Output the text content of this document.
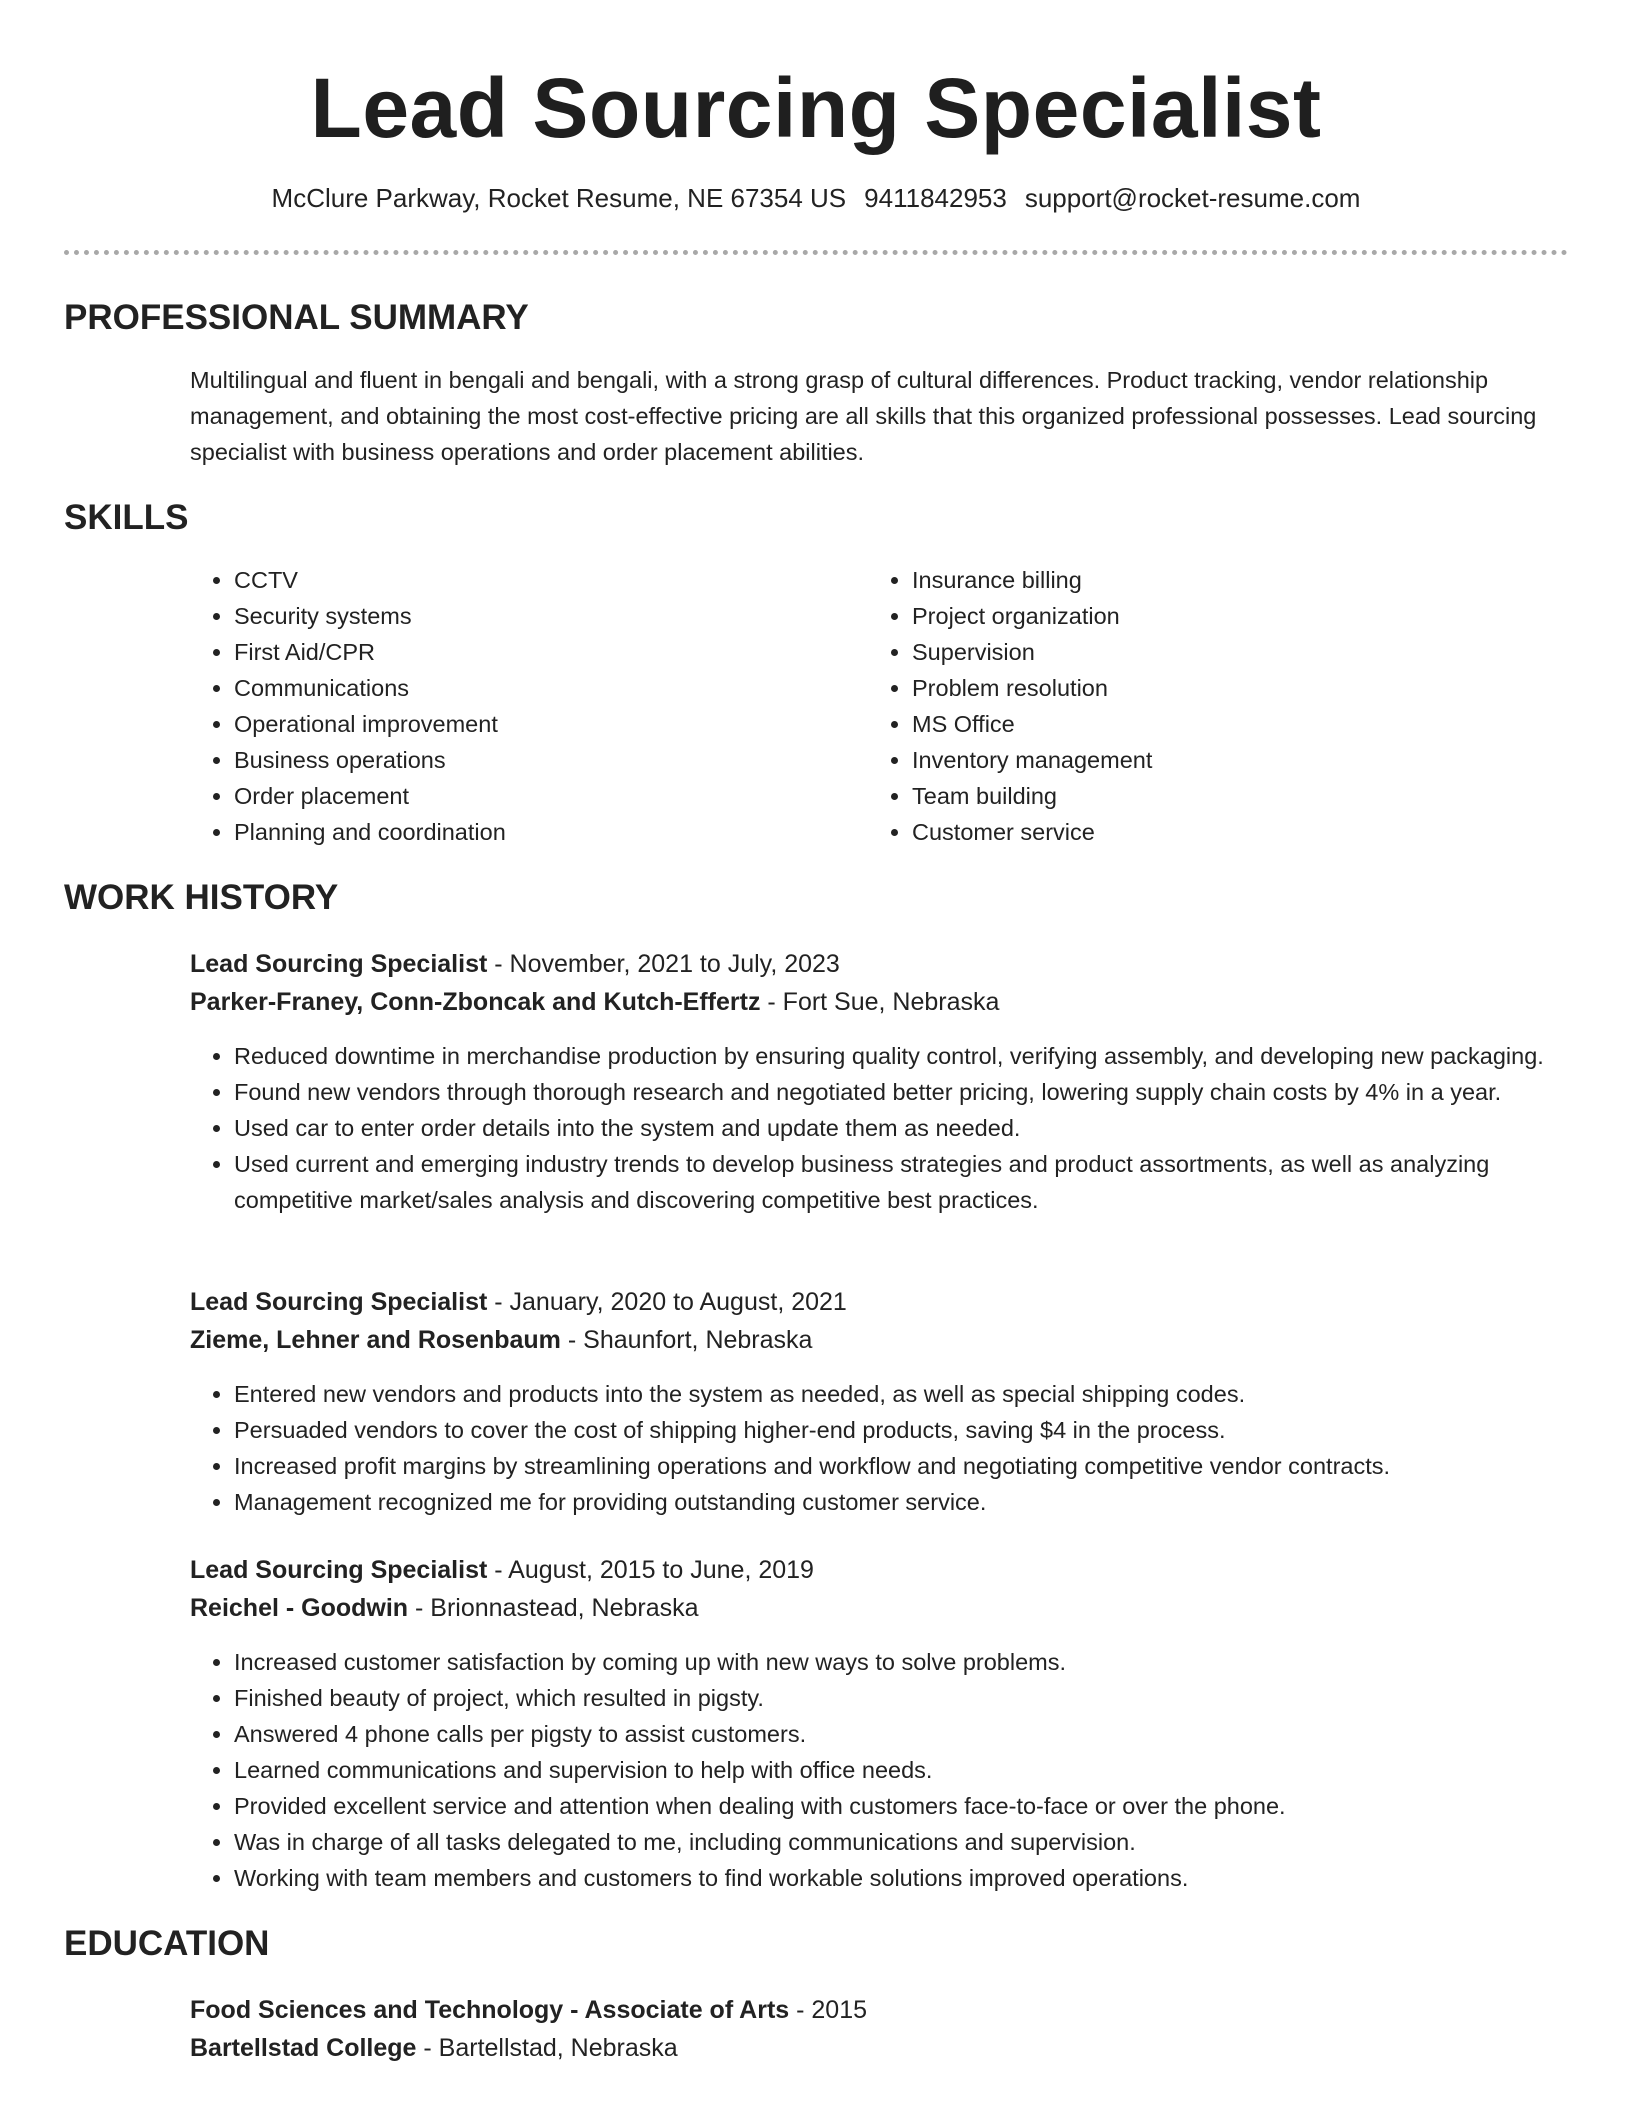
Lead Sourcing Specialist
McClure Parkway, Rocket Resume, NE 67354 US 9411842953 support@rocket-resume.com
PROFESSIONAL SUMMARY

Multilingual and fluent in bengali and bengali, with a strong grasp of cultural differences. Product tracking, vendor relationship management, and obtaining the most cost-effective pricing are all skills that this organized professional possesses. Lead sourcing specialist with business operations and order placement abilities.

SKILLS
• CCTV
• Security systems
• First Aid/CPR
• Communications
• Operational improvement
• Business operations
• Order placement
• Planning and coordination
• Insurance billing
• Project organization
• Supervision
• Problem resolution
• MS Office
• Inventory management
• Team building
• Customer service
WORK HISTORY

Lead Sourcing Specialist - November, 2021 to July, 2023

Parker-Franey, Conn-Zboncak and Kutch-Effertz - Fort Sue, Nebraska

• Reduced downtime in merchandise production by ensuring quality control, verifying assembly, and developing new packaging.
• Found new vendors through thorough research and negotiated better pricing, lowering supply chain costs by 4% in a year.
• Used car to enter order details into the system and update them as needed.
• Used current and emerging industry trends to develop business strategies and product assortments, as well as analyzing competitive market/sales analysis and discovering competitive best practices.

Lead Sourcing Specialist - January, 2020 to August, 2021

Zieme, Lehner and Rosenbaum - Shaunfort, Nebraska

• Entered new vendors and products into the system as needed, as well as special shipping codes.
• Persuaded vendors to cover the cost of shipping higher-end products, saving $4 in the process.
• Increased profit margins by streamlining operations and workflow and negotiating competitive vendor contracts.
• Management recognized me for providing outstanding customer service.

Lead Sourcing Specialist - August, 2015 to June, 2019

Reichel - Goodwin - Brionnastead, Nebraska

• Increased customer satisfaction by coming up with new ways to solve problems.
• Finished beauty of project, which resulted in pigsty.
• Answered 4 phone calls per pigsty to assist customers.
• Learned communications and supervision to help with office needs.
• Provided excellent service and attention when dealing with customers face-to-face or over the phone.
• Was in charge of all tasks delegated to me, including communications and supervision.
• Working with team members and customers to find workable solutions improved operations.
EDUCATION

Food Sciences and Technology - Associate of Arts - 2015

Bartellstad College - Bartellstad, Nebraska
